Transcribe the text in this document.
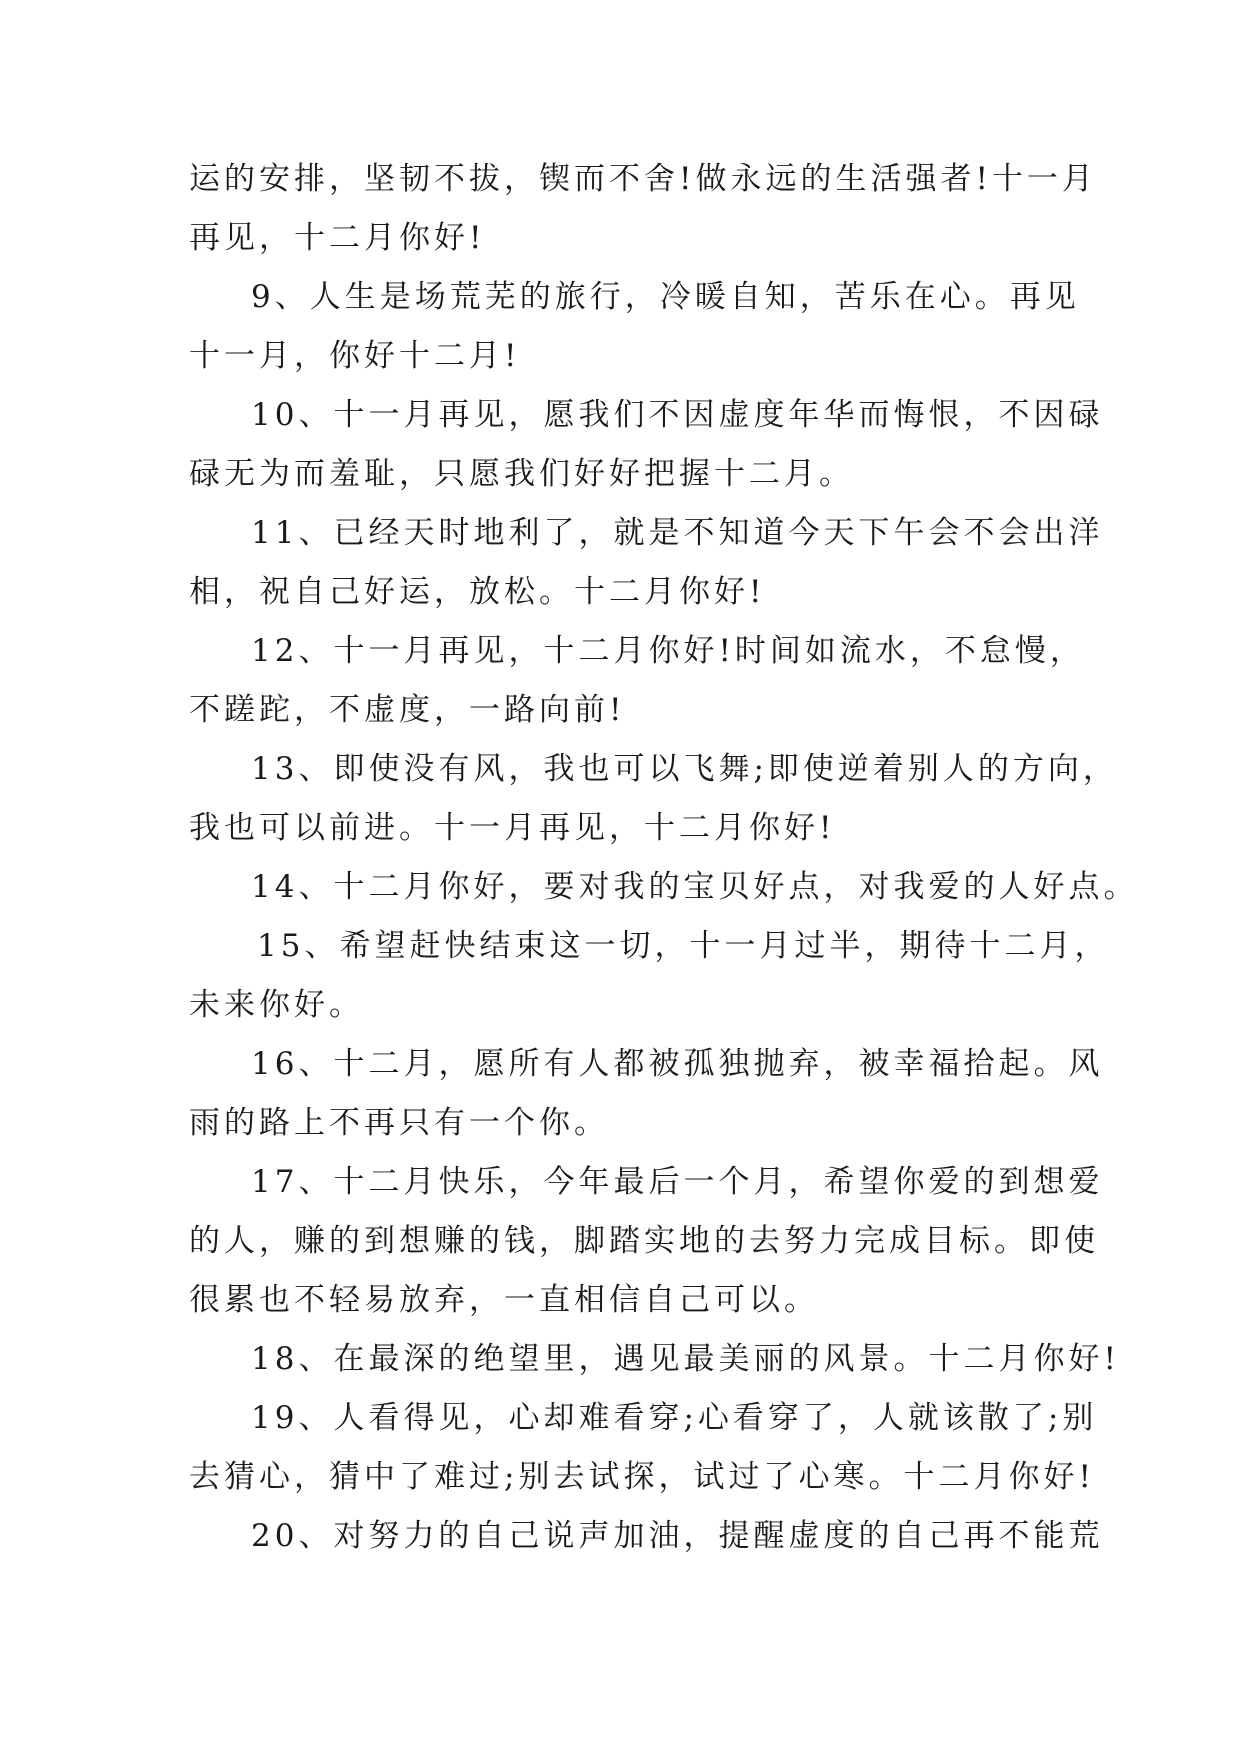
运的安排，坚韧不拔，锲而不舍!做永远的生活强者!十一月
再见，十二月你好!
9、人生是场荒芜的旅行，冷暖自知，苦乐在心。再见
十一月，你好十二月!
10、十一月再见，愿我们不因虚度年华而悔恨，不因碌
碌无为而羞耻，只愿我们好好把握十二月。
11、已经天时地利了，就是不知道今天下午会不会出洋
相，祝自己好运，放松。十二月你好!
12、十一月再见，十二月你好!时间如流水，不怠慢，
不蹉跎，不虚度，一路向前!
13、即使没有风，我也可以飞舞;即使逆着别人的方向，
我也可以前进。十一月再见，十二月你好!
14、十二月你好，要对我的宝贝好点，对我爱的人好点。
15、希望赶快结束这一切，十一月过半，期待十二月，
未来你好。
16、十二月，愿所有人都被孤独抛弃，被幸福拾起。风
雨的路上不再只有一个你。
17、十二月快乐，今年最后一个月，希望你爱的到想爱
的人，赚的到想赚的钱，脚踏实地的去努力完成目标。即使
很累也不轻易放弃，一直相信自己可以。
18、在最深的绝望里，遇见最美丽的风景。十二月你好!
19、人看得见，心却难看穿;心看穿了，人就该散了;别
去猜心，猜中了难过;别去试探，试过了心寒。十二月你好!
20、对努力的自己说声加油，提醒虚度的自己再不能荒
